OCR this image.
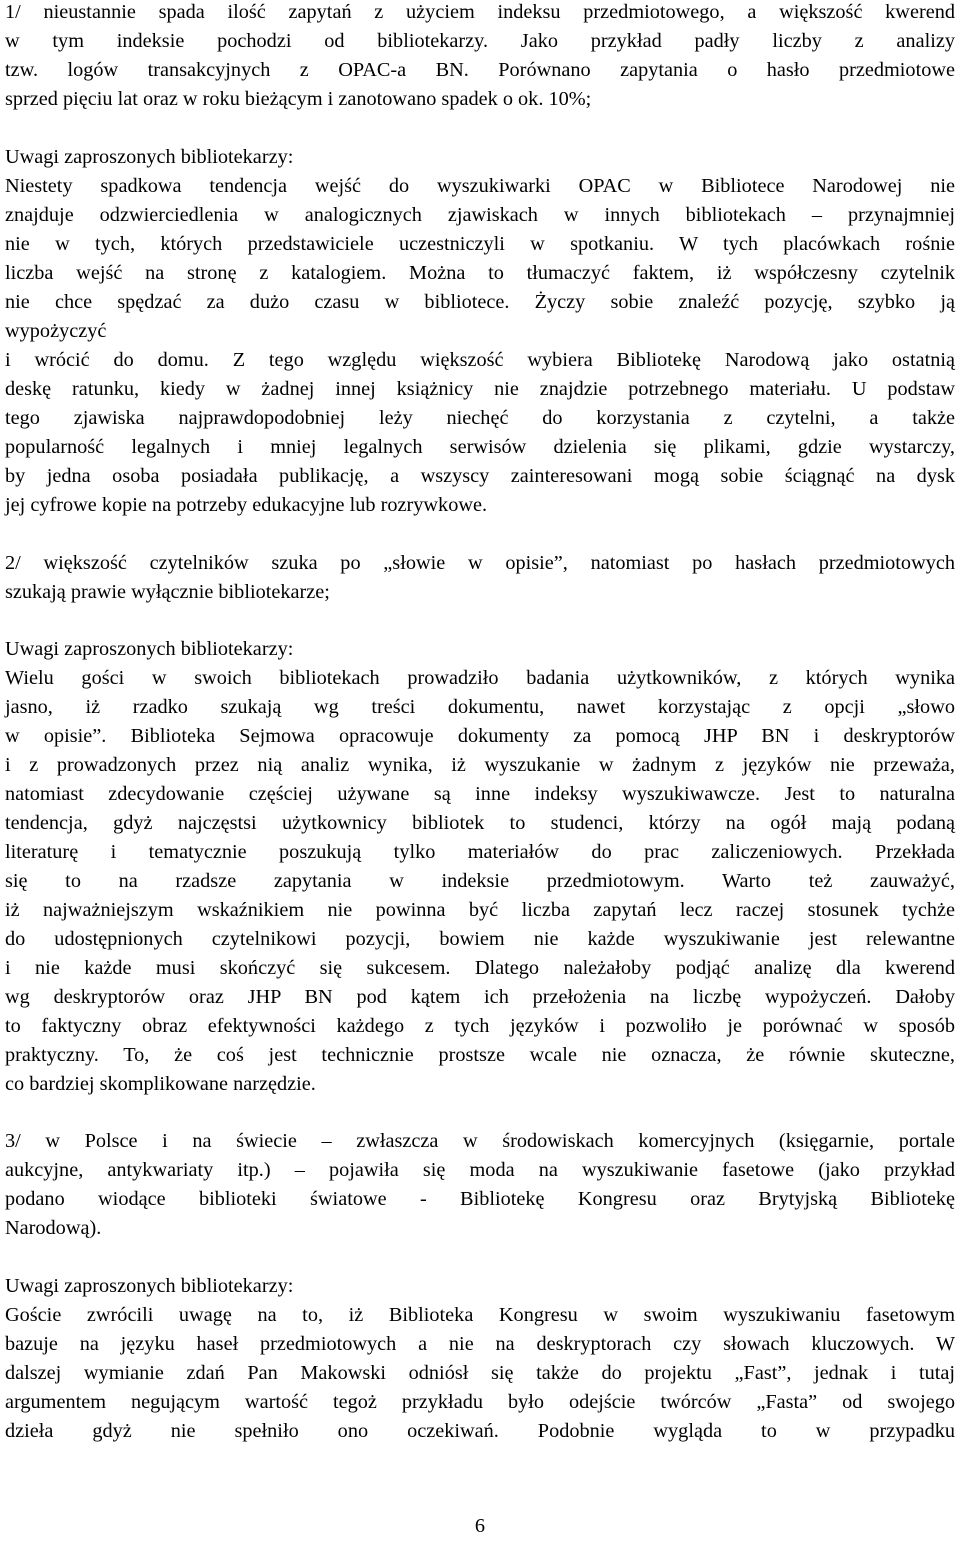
1/ nieustannie spada ilość zapytań z użyciem indeksu przedmiotowego, a większość kwerend
w tym indeksie pochodzi od bibliotekarzy. Jako przykład padły liczby z analizy
tzw. logów transakcyjnych z OPAC-a BN. Porównano zapytania o hasło przedmiotowe
sprzed pięciu lat oraz w roku bieżącym i zanotowano spadek o ok. 10%;
Uwagi zaproszonych bibliotekarzy:
Niestety spadkowa tendencja wejść do wyszukiwarki OPAC w Bibliotece Narodowej nie
znajduje odzwierciedlenia w analogicznych zjawiskach w innych bibliotekach – przynajmniej
nie w tych, których przedstawiciele uczestniczyli w spotkaniu. W tych placówkach rośnie
liczba wejść na stronę z katalogiem. Można to tłumaczyć faktem, iż współczesny czytelnik
nie chce spędzać za dużo czasu w bibliotece. Życzy sobie znaleźć pozycję, szybko ją
wypożyczyć
i wrócić do domu. Z tego względu większość wybiera Bibliotekę Narodową jako ostatnią
deskę ratunku, kiedy w żadnej innej książnicy nie znajdzie potrzebnego materiału. U podstaw
tego zjawiska najprawdopodobniej leży niechęć do korzystania z czytelni, a także
popularność legalnych i mniej legalnych serwisów dzielenia się plikami, gdzie wystarczy,
by jedna osoba posiadała publikację, a wszyscy zainteresowani mogą sobie ściągnąć na dysk
jej cyfrowe kopie na potrzeby edukacyjne lub rozrywkowe.
2/ większość czytelników szuka po „słowie w opisie”, natomiast po hasłach przedmiotowych
szukają prawie wyłącznie bibliotekarze;
Uwagi zaproszonych bibliotekarzy:
Wielu gości w swoich bibliotekach prowadziło badania użytkowników, z których wynika
jasno, iż rzadko szukają wg treści dokumentu, nawet korzystając z opcji „słowo
w opisie”. Biblioteka Sejmowa opracowuje dokumenty za pomocą JHP BN i deskryptorów
i z prowadzonych przez nią analiz wynika, iż wyszukanie w żadnym z języków nie przeważa,
natomiast zdecydowanie częściej używane są inne indeksy wyszukiwawcze. Jest to naturalna
tendencja, gdyż najczęstsi użytkownicy bibliotek to studenci, którzy na ogół mają podaną
literaturę i tematycznie poszukują tylko materiałów do prac zaliczeniowych. Przekłada
się to na rzadsze zapytania w indeksie przedmiotowym. Warto też zauważyć,
iż najważniejszym wskaźnikiem nie powinna być liczba zapytań lecz raczej stosunek tychże
do udostępnionych czytelnikowi pozycji, bowiem nie każde wyszukiwanie jest relewantne
i nie każde musi skończyć się sukcesem. Dlatego należałoby podjąć analizę dla kwerend
wg deskryptorów oraz JHP BN pod kątem ich przełożenia na liczbę wypożyczeń. Dałoby
to faktyczny obraz efektywności każdego z tych języków i pozwoliło je porównać w sposób
praktyczny. To, że coś jest technicznie prostsze wcale nie oznacza, że równie skuteczne,
co bardziej skomplikowane narzędzie.
3/ w Polsce i na świecie – zwłaszcza w środowiskach komercyjnych (księgarnie, portale
aukcyjne, antykwariaty itp.) – pojawiła się moda na wyszukiwanie fasetowe (jako przykład
podano wiodące biblioteki światowe - Bibliotekę Kongresu oraz Brytyjską Bibliotekę
Narodową).
Uwagi zaproszonych bibliotekarzy:
Goście zwrócili uwagę na to, iż Biblioteka Kongresu w swoim wyszukiwaniu fasetowym
bazuje na języku haseł przedmiotowych a nie na deskryptorach czy słowach kluczowych. W
dalszej wymianie zdań Pan Makowski odniósł się także do projektu „Fast”, jednak i tutaj
argumentem negującym wartość tegoż przykładu było odejście twórców „Fasta” od swojego
dzieła gdyż nie spełniło ono oczekiwań. Podobnie wygląda to w przypadku
6
